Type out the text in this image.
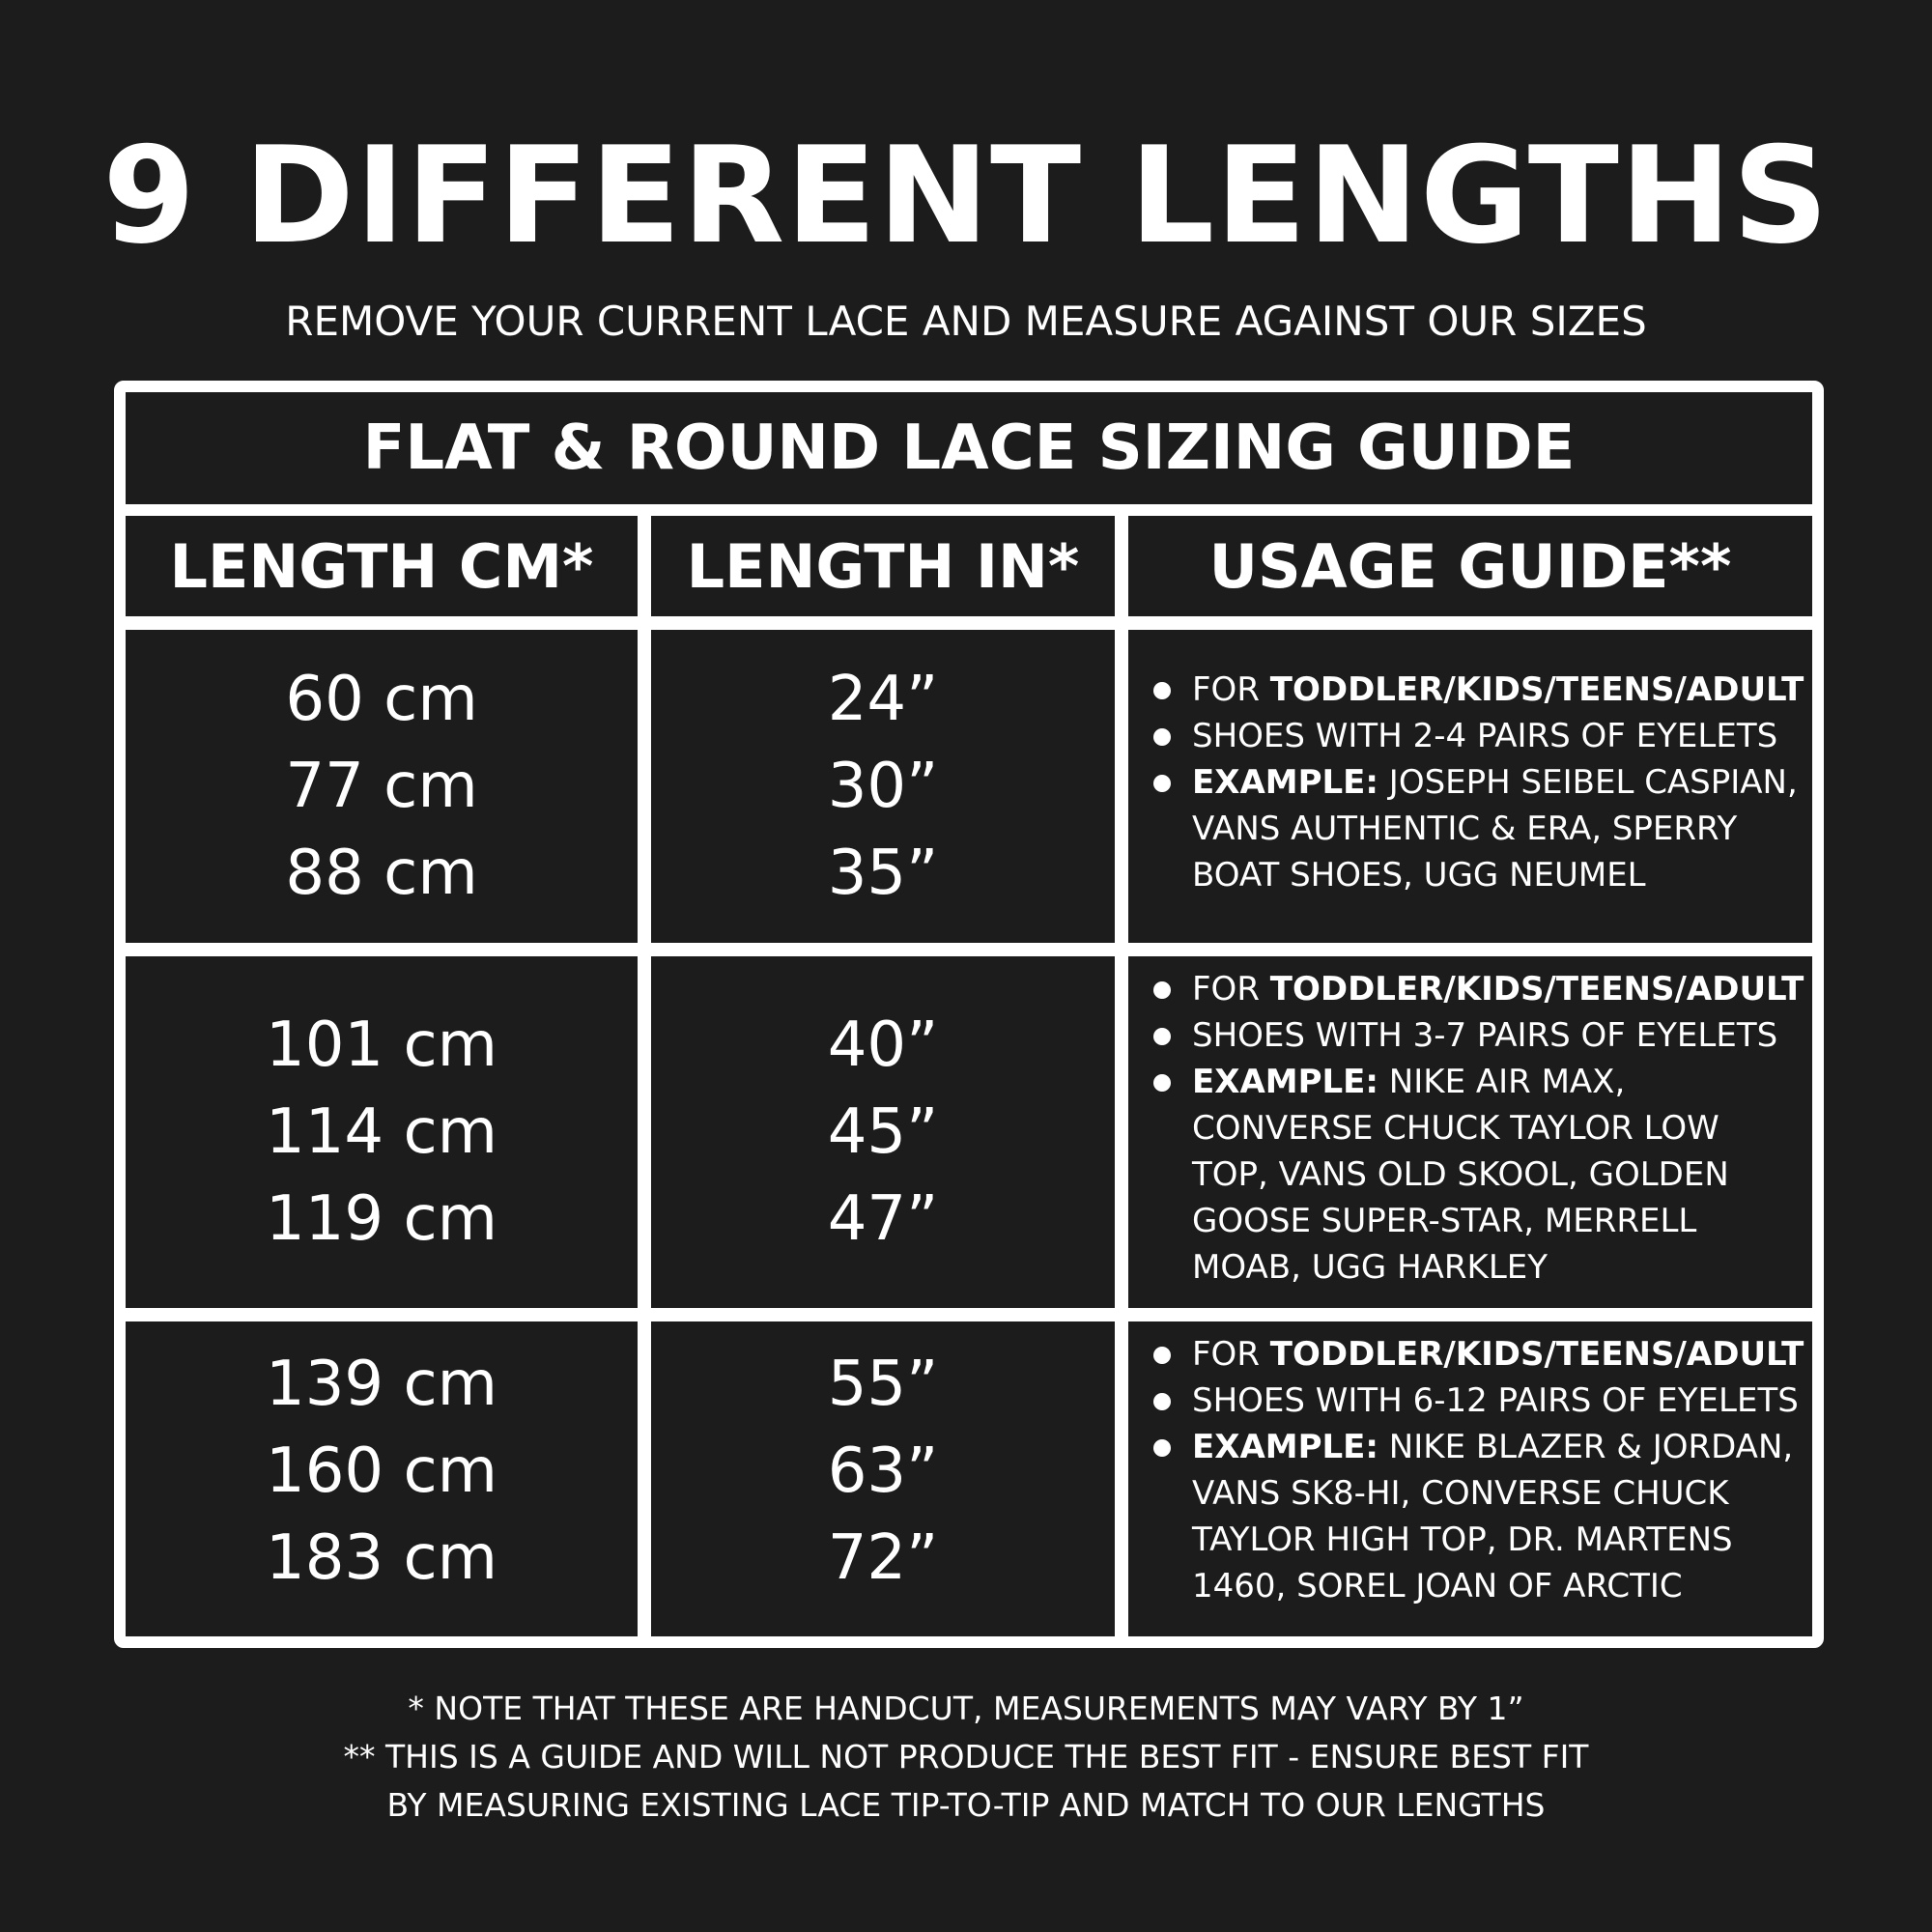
9 DIFFERENT LENGTHS
REMOVE YOUR CURRENT LACE AND MEASURE AGAINST OUR SIZES
FLAT & ROUND LACE SIZING GUIDE
LENGTH CM*	LENGTH IN*	USAGE GUIDE**
60 cm
77 cm
88 cm
24”
30”
35”
FOR TODDLER/KIDS/TEENS/ADULT
SHOES WITH 2-4 PAIRS OF EYELETS
EXAMPLE: JOSEPH SEIBEL CASPIAN,
VANS AUTHENTIC & ERA, SPERRY
BOAT SHOES, UGG NEUMEL
101 cm
114 cm
119 cm
40”
45”
47”
FOR TODDLER/KIDS/TEENS/ADULT
SHOES WITH 3-7 PAIRS OF EYELETS
EXAMPLE: NIKE AIR MAX,
CONVERSE CHUCK TAYLOR LOW
TOP, VANS OLD SKOOL, GOLDEN
GOOSE SUPER-STAR, MERRELL
MOAB, UGG HARKLEY
139 cm
160 cm
183 cm
55”
63”
72”
FOR TODDLER/KIDS/TEENS/ADULT
SHOES WITH 6-12 PAIRS OF EYELETS
EXAMPLE: NIKE BLAZER & JORDAN,
VANS SK8-HI, CONVERSE CHUCK
TAYLOR HIGH TOP, DR. MARTENS
1460, SOREL JOAN OF ARCTIC
* NOTE THAT THESE ARE HANDCUT, MEASUREMENTS MAY VARY BY 1”
** THIS IS A GUIDE AND WILL NOT PRODUCE THE BEST FIT - ENSURE BEST FIT
BY MEASURING EXISTING LACE TIP-TO-TIP AND MATCH TO OUR LENGTHS
